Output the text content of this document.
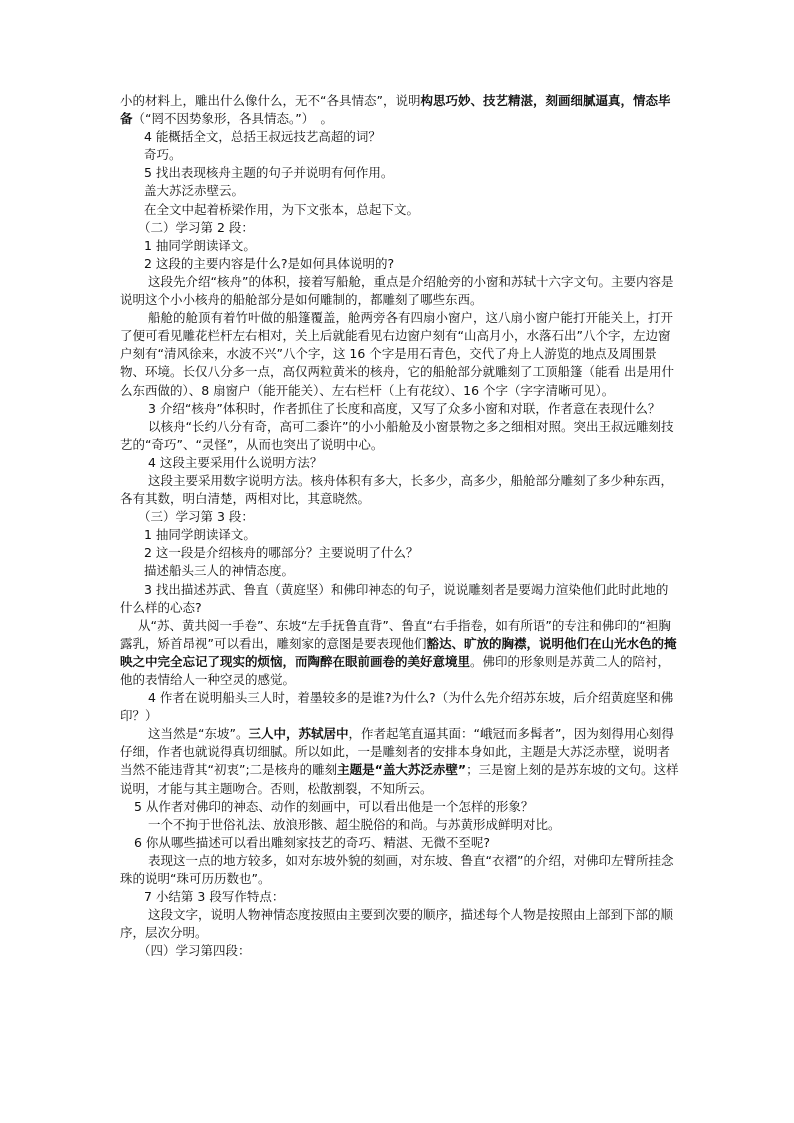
小的材料上，雕出什么像什么，无不“各具情态”，说明构思巧妙、技艺精湛，刻画细腻逼真，情态毕备（“罔不因势象形，各具情态。”）　。

4 能概括全文，总括王叔远技艺高超的词？

奇巧。

5 找出表现核舟主题的句子并说明有何作用。

盖大苏泛赤壁云。

在全文中起着桥梁作用，为下文张本，总起下文。

（二）学习第 2 段：

1 抽同学朗读译文。

2 这段的主要内容是什么?是如何具体说明的?

这段先介绍“核舟”的体积，接着写船舱，重点是介绍舱旁的小窗和苏轼十六字文句。主要内容是说明这个小小核舟的船舱部分是如何雕制的，都雕刻了哪些东西。

船舱的舱顶有着竹叶做的船篷覆盖，舱两旁各有四扇小窗户，这八扇小窗户能打开能关上，打开了便可看见雕花栏杆左右相对，关上后就能看见右边窗户刻有“山高月小，水落石出”八个字，左边窗户刻有“清风徐来，水波不兴”八个字，这 16 个字是用石青色，交代了舟上人游览的地点及周围景物、环境。长仅八分多一点，高仅两粒黄米的核舟，它的船舱部分就雕刻了工顶船篷（能看 出是用什么东西做的）、8 扇窗户（能开能关）、左右栏杆（上有花纹）、16 个字（字字清晰可见）。

3 介绍“核舟”体积时，作者抓住了长度和高度，又写了众多小窗和对联，作者意在表现什么？

以核舟“长约八分有奇，高可二黍许”的小小船舱及小窗景物之多之细相对照。突出王叔远雕刻技艺的“奇巧”、“灵怪”，从而也突出了说明中心。

4 这段主要采用什么说明方法？

这段主要采用数字说明方法。核舟体积有多大，长多少，高多少，船舱部分雕刻了多少种东西，各有其数，明白清楚，两相对比，其意晓然。

（三）学习第 3 段：

1 抽同学朗读译文。

2 这一段是介绍核舟的哪部分？主要说明了什么？

描述船头三人的神情态度。

3 找出描述苏武、鲁直（黄庭坚）和佛印神态的句子，说说雕刻者是要竭力渲染他们此时此地的什么样的心态?

从“苏、黄共阅一手卷”、东坡“左手抚鲁直背”、鲁直“右手指卷，如有所语”的专注和佛印的“袒胸露乳，矫首昂视”可以看出，雕刻家的意图是要表现他们豁达、旷放的胸襟，说明他们在山光水色的掩映之中完全忘记了现实的烦恼，而陶醉在眼前画卷的美好意境里。佛印的形象则是苏黄二人的陪衬，他的表情给人一种空灵的感觉。

4 作者在说明船头三人时，着墨较多的是谁?为什么?（为什么先介绍苏东坡，后介绍黄庭坚和佛印？）

这当然是“东坡”。三人中，苏轼居中，作者起笔直逼其面：“峨冠而多髯者”，因为刻得用心刻得仔细，作者也就说得真切细腻。所以如此，一是雕刻者的安排本身如此，主题是大苏泛赤壁，说明者当然不能违背其“初衷”;二是核舟的雕刻主题是“盖大苏泛赤壁”；三是窗上刻的是苏东坡的文句。这样说明，才能与其主题吻合。否则，松散割裂，不知所云。

5 从作者对佛印的神态、动作的刻画中，可以看出他是一个怎样的形象？

一个不拘于世俗礼法、放浪形骸、超尘脱俗的和尚。与苏黄形成鲜明对比。

6 你从哪些描述可以看出雕刻家技艺的奇巧、精湛、无微不至呢?

表现这一点的地方较多，如对东坡外貌的刻画，对东坡、鲁直“衣褶”的介绍，对佛印左臂所挂念珠的说明“珠可历历数也”。

7 小结第 3 段写作特点：

这段文字，说明人物神情态度按照由主要到次要的顺序，描述每个人物是按照由上部到下部的顺序，层次分明。

（四）学习第四段：
